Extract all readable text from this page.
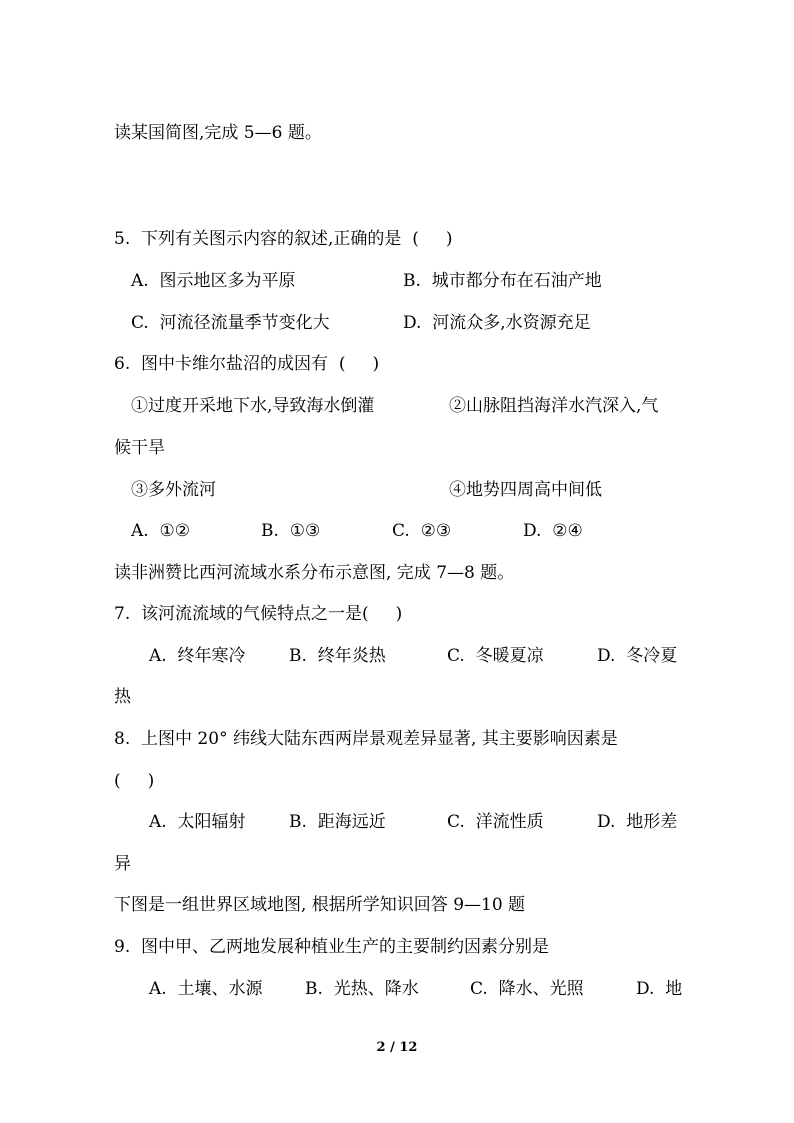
读某国简图,完成 5—6 题。
5.  下列有关图示内容的叙述,正确的是  (     )
A.  图示地区多为平原	B.  城市都分布在石油产地
C.  河流径流量季节变化大	D.  河流众多,水资源充足
6.  图中卡维尔盐沼的成因有  (     )
①过度开采地下水,导致海水倒灌	②山脉阻挡海洋水汽深入,气
候干旱
③多外流河	④地势四周高中间低
A.  ①②	B.  ①③	C.  ②③	D.  ②④
读非洲赞比西河流域水系分布示意图, 完成 7—8 题。
7.  该河流流域的气候特点之一是(     )
A.  终年寒冷	B.  终年炎热	C.  冬暖夏凉	D.  冬冷夏
热
8.  上图中 20° 纬线大陆东西两岸景观差异显著, 其主要影响因素是
(     )
A.  太阳辐射	B.  距海远近	C.  洋流性质	D.  地形差
异
下图是一组世界区域地图, 根据所学知识回答 9—10 题
9.  图中甲、乙两地发展种植业生产的主要制约因素分别是
A.  土壤、水源	B.  光热、降水	C.  降水、光照	D.  地
2 / 12
